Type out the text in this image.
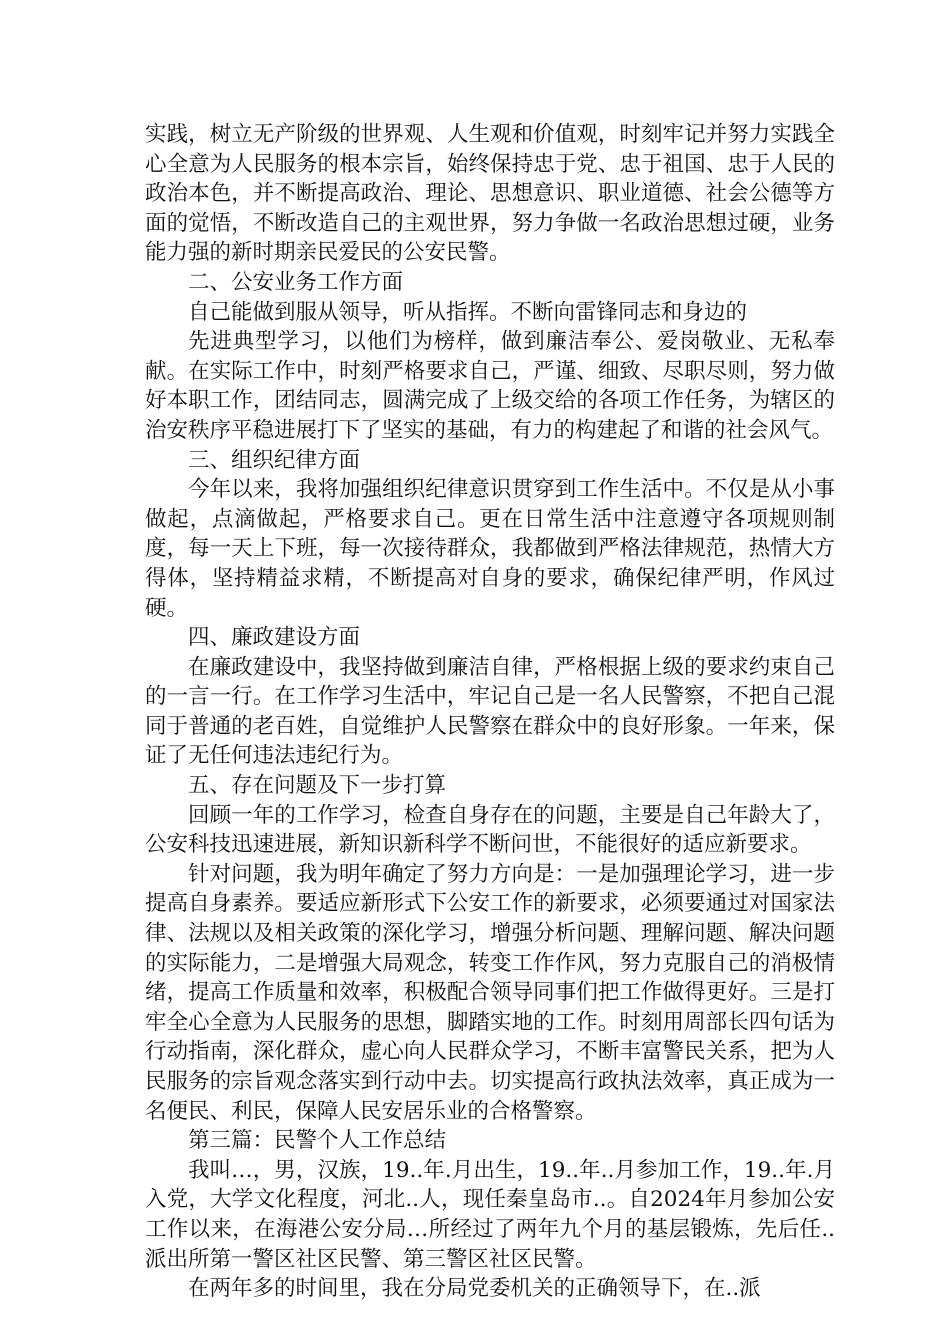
实践，树立无产阶级的世界观、人生观和价值观，时刻牢记并努力实践全心全意为人民服务的根本宗旨，始终保持忠于党、忠于祖国、忠于人民的政治本色，并不断提高政治、理论、思想意识、职业道德、社会公德等方面的觉悟，不断改造自己的主观世界，努力争做一名政治思想过硬，业务能力强的新时期亲民爱民的公安民警。

二、公安业务工作方面

自己能做到服从领导，听从指挥。不断向雷锋同志和身边的

先进典型学习，以他们为榜样，做到廉洁奉公、爱岗敬业、无私奉献。在实际工作中，时刻严格要求自己，严谨、细致、尽职尽则，努力做好本职工作，团结同志，圆满完成了上级交给的各项工作任务，为辖区的治安秩序平稳进展打下了坚实的基础，有力的构建起了和谐的社会风气。

三、组织纪律方面

今年以来，我将加强组织纪律意识贯穿到工作生活中。不仅是从小事做起，点滴做起，严格要求自己。更在日常生活中注意遵守各项规则制度，每一天上下班，每一次接待群众，我都做到严格法律规范，热情大方得体，坚持精益求精，不断提高对自身的要求，确保纪律严明，作风过硬。

四、廉政建设方面

在廉政建设中，我坚持做到廉洁自律，严格根据上级的要求约束自己的一言一行。在工作学习生活中，牢记自己是一名人民警察，不把自己混同于普通的老百姓，自觉维护人民警察在群众中的良好形象。一年来，保证了无任何违法违纪行为。

五、存在问题及下一步打算

回顾一年的工作学习，检查自身存在的问题，主要是自己年龄大了，公安科技迅速进展，新知识新科学不断问世，不能很好的适应新要求。

针对问题，我为明年确定了努力方向是：一是加强理论学习，进一步提高自身素养。要适应新形式下公安工作的新要求，必须要通过对国家法律、法规以及相关政策的深化学习，增强分析问题、理解问题、解决问题的实际能力，二是增强大局观念，转变工作作风，努力克服自己的消极情绪，提高工作质量和效率，积极配合领导同事们把工作做得更好。三是打牢全心全意为人民服务的思想，脚踏实地的工作。时刻用周部长四句话为行动指南，深化群众，虚心向人民群众学习，不断丰富警民关系，把为人民服务的宗旨观念落实到行动中去。切实提高行政执法效率，真正成为一名便民、利民，保障人民安居乐业的合格警察。

第三篇：民警个人工作总结

我叫…，男，汉族，19..年.月出生，19..年..月参加工作，19..年.月入党，大学文化程度，河北..人，现任秦皇岛市..。自2024年月参加公安工作以来，在海港公安分局…所经过了两年九个月的基层锻炼，先后任..派出所第一警区社区民警、第三警区社区民警。

在两年多的时间里，我在分局党委机关的正确领导下，在..派
